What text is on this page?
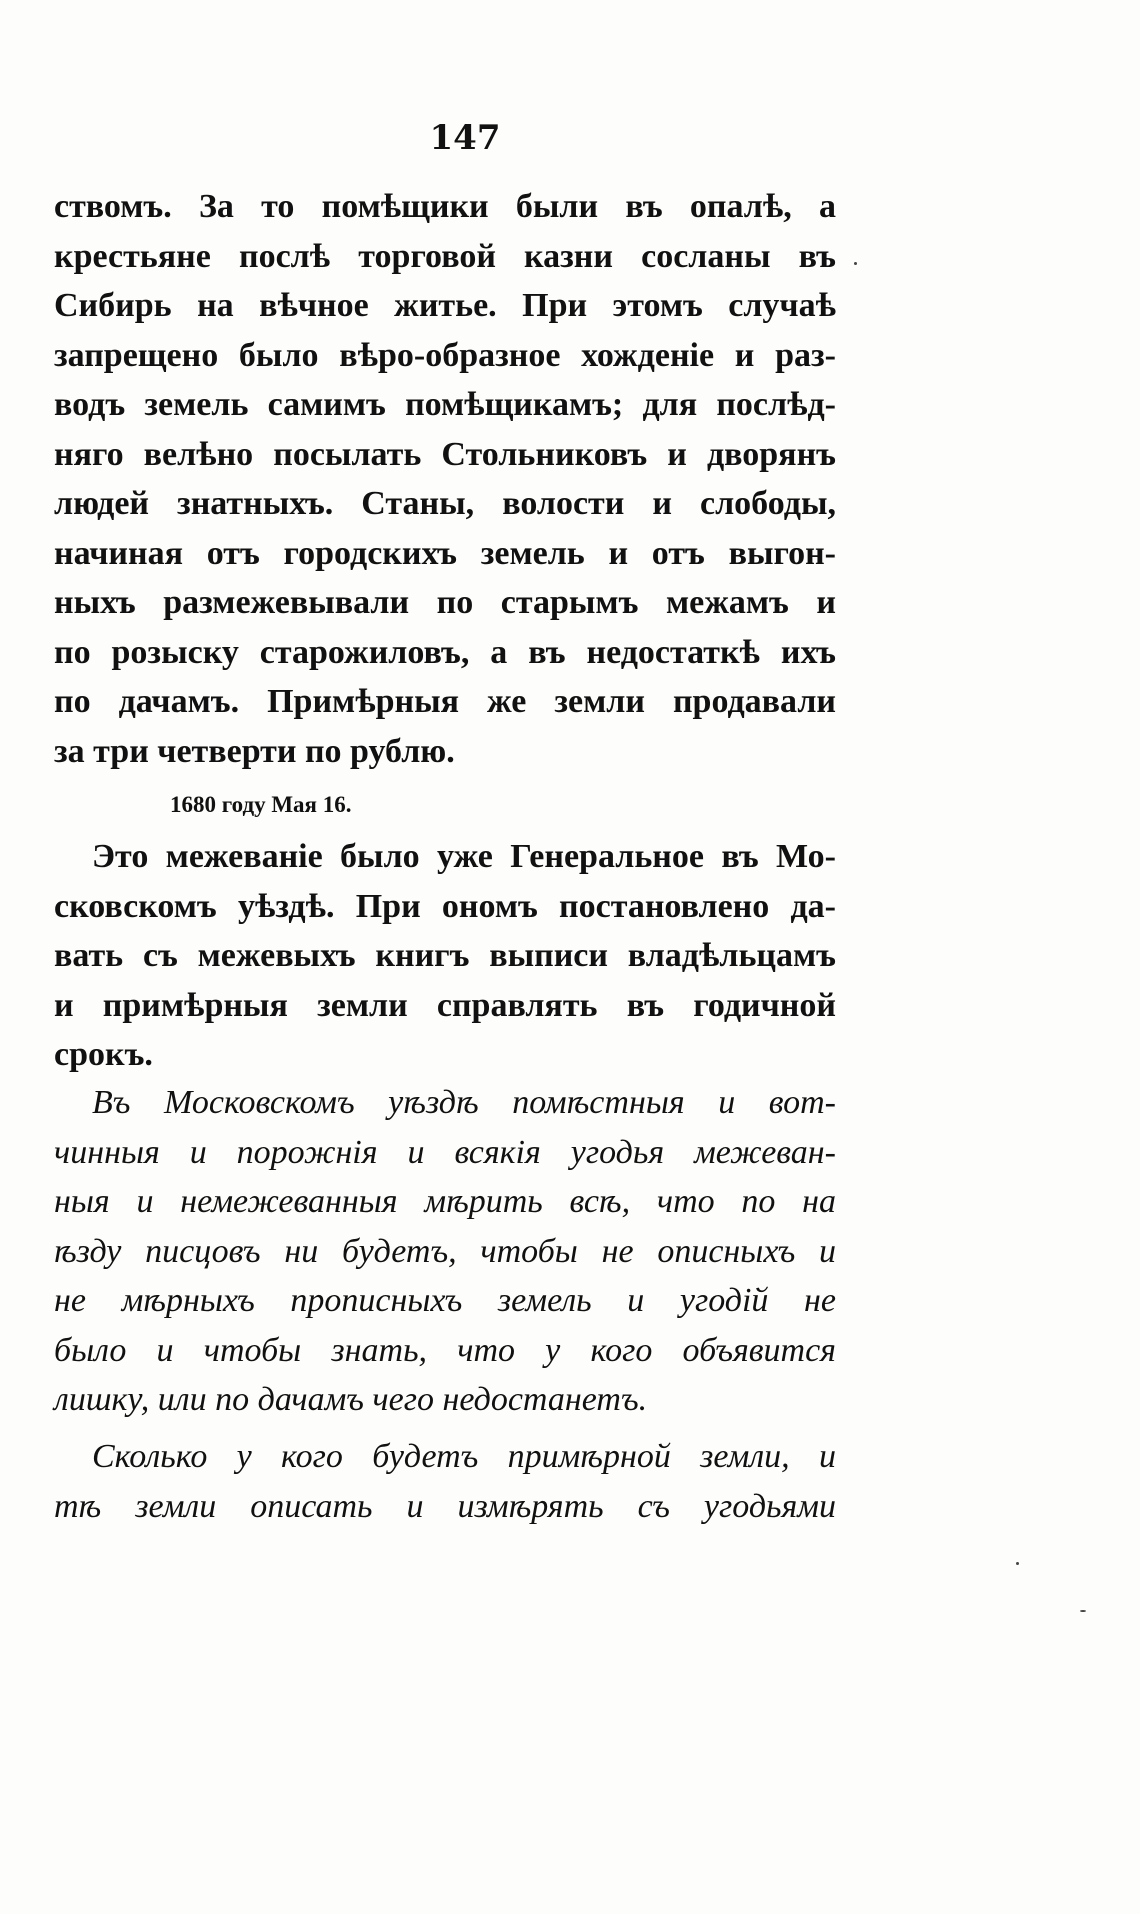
147
ствомъ. За то помѣщики были въ опалѣ, а
крестьяне послѣ торговой казни сосланы въ
Сибирь на вѣчное житье. При этомъ случаѣ
запрещено было вѣро-образное хожденіе и раз-
водъ земель самимъ помѣщикамъ; для послѣд-
няго велѣно посылать Стольниковъ и дворянъ
людей знатныхъ. Станы, волости и слободы,
начиная отъ городскихъ земель и отъ выгон-
ныхъ размежевывали по старымъ межамъ и
по розыску старожиловъ, а въ недостаткѣ ихъ
по дачамъ. Примѣрныя же земли продавали
за три четверти по рублю.
1680 году Мая 16.
Это межеваніе было уже Генеральное въ Мо-
сковскомъ уѣздѣ. При ономъ постановлено да-
вать съ межевыхъ книгъ выписи владѣльцамъ
и примѣрныя земли справлять въ годичной
срокъ.
Въ Московскомъ уѣздѣ помѣстныя и вот-
чинныя и порожнія и всякія угодья межеван-
ныя и немежеванныя мѣрить всѣ, что по на
ѣзду писцовъ ни будетъ, чтобы не описныхъ и
не мѣрныхъ прописныхъ земель и угодій не
было и чтобы знать, что у кого объявится
лишку, или по дачамъ чего недостанетъ.
Сколько у кого будетъ примѣрной земли, и
тѣ земли описать и измѣрять съ угодьями
